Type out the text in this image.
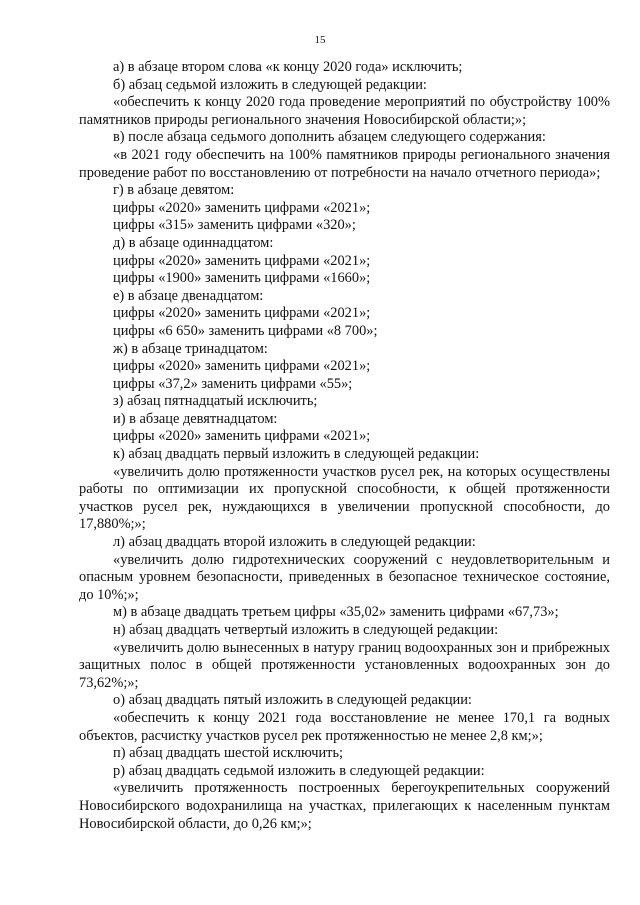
15

а) в абзаце втором слова «к концу 2020 года» исключить;

б) абзац седьмой изложить в следующей редакции:

«обеспечить к концу 2020 года проведение мероприятий по обустройству 100% памятников природы регионального значения Новосибирской области;»;

в) после абзаца седьмого дополнить абзацем следующего содержания:

«в 2021 году обеспечить на 100% памятников природы регионального значения проведение работ по восстановлению от потребности на начало отчетного периода»;

г) в абзаце девятом:

цифры «2020» заменить цифрами «2021»;

цифры «315» заменить цифрами «320»;

д) в абзаце одиннадцатом:

цифры «2020» заменить цифрами «2021»;

цифры «1900» заменить цифрами «1660»;

е) в абзаце двенадцатом:

цифры «2020» заменить цифрами «2021»;

цифры «6 650» заменить цифрами «8 700»;

ж) в абзаце тринадцатом:

цифры «2020» заменить цифрами «2021»;

цифры «37,2» заменить цифрами «55»;

з) абзац пятнадцатый исключить;

и) в абзаце девятнадцатом:

цифры «2020» заменить цифрами «2021»;

к) абзац двадцать первый изложить в следующей редакции:

«увеличить долю протяженности участков русел рек, на которых осуществлены работы по оптимизации их пропускной способности, к общей протяженности участков русел рек, нуждающихся в увеличении пропускной способности, до 17,880%;»;

л) абзац двадцать второй изложить в следующей редакции:

«увеличить долю гидротехнических сооружений с неудовлетворительным и опасным уровнем безопасности, приведенных в безопасное техническое состояние, до 10%;»;

м) в абзаце двадцать третьем цифры «35,02» заменить цифрами «67,73»;

н) абзац двадцать четвертый изложить в следующей редакции:

«увеличить долю вынесенных в натуру границ водоохранных зон и прибрежных защитных полос в общей протяженности установленных водоохранных зон до 73,62%;»;

о) абзац двадцать пятый изложить в следующей редакции:

«обеспечить к концу 2021 года восстановление не менее 170,1 га водных объектов, расчистку участков русел рек протяженностью не менее 2,8 км;»;

п) абзац двадцать шестой исключить;

р) абзац двадцать седьмой изложить в следующей редакции:

«увеличить протяженность построенных берегоукрепительных сооружений Новосибирского водохранилища на участках, прилегающих к населенным пунктам Новосибирской области, до 0,26 км;»;
